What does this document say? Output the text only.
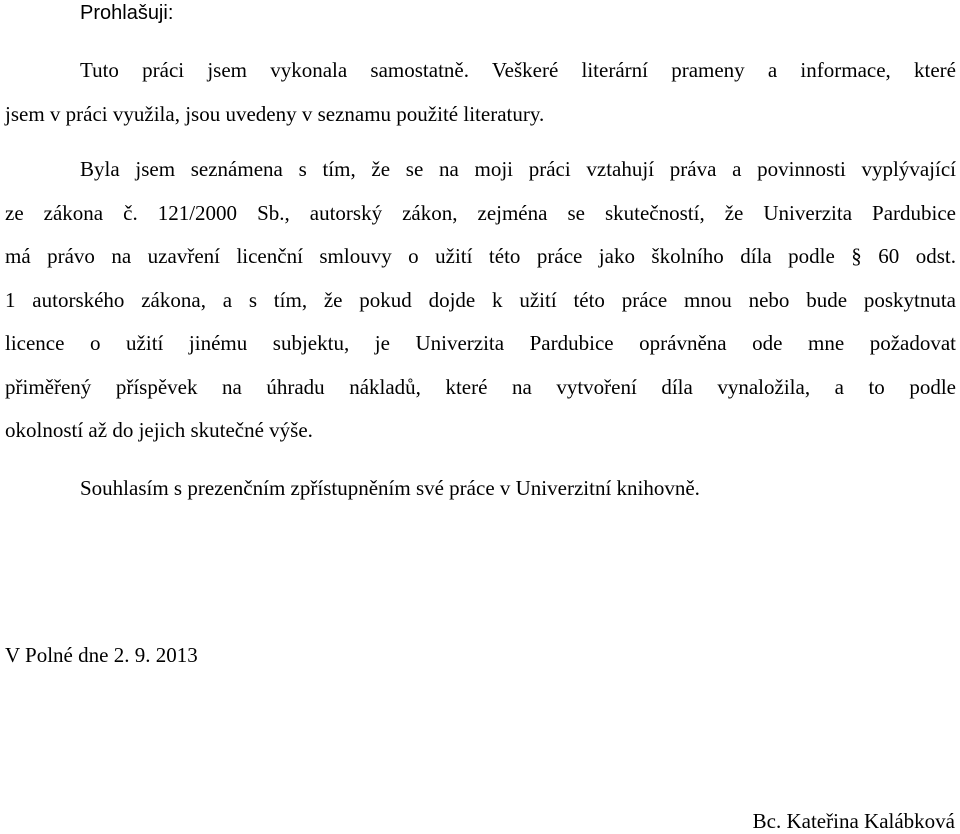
Prohlašuji:
Tuto práci jsem vykonala samostatně. Veškeré literární prameny a informace, které
jsem v práci využila, jsou uvedeny v seznamu použité literatury.
Byla jsem seznámena s tím, že se na moji práci vztahují práva a povinnosti vyplývající
ze zákona č. 121/2000 Sb., autorský zákon, zejména se skutečností, že Univerzita Pardubice
má právo na uzavření licenční smlouvy o užití této práce jako školního díla podle § 60 odst.
1 autorského zákona, a s tím, že pokud dojde k užití této práce mnou nebo bude poskytnuta
licence o užití jinému subjektu, je Univerzita Pardubice oprávněna ode mne požadovat
přiměřený příspěvek na úhradu nákladů, které na vytvoření díla vynaložila, a to podle
okolností až do jejich skutečné výše.
Souhlasím s prezenčním zpřístupněním své práce v Univerzitní knihovně.
V Polné dne 2. 9. 2013
Bc. Kateřina Kalábková
